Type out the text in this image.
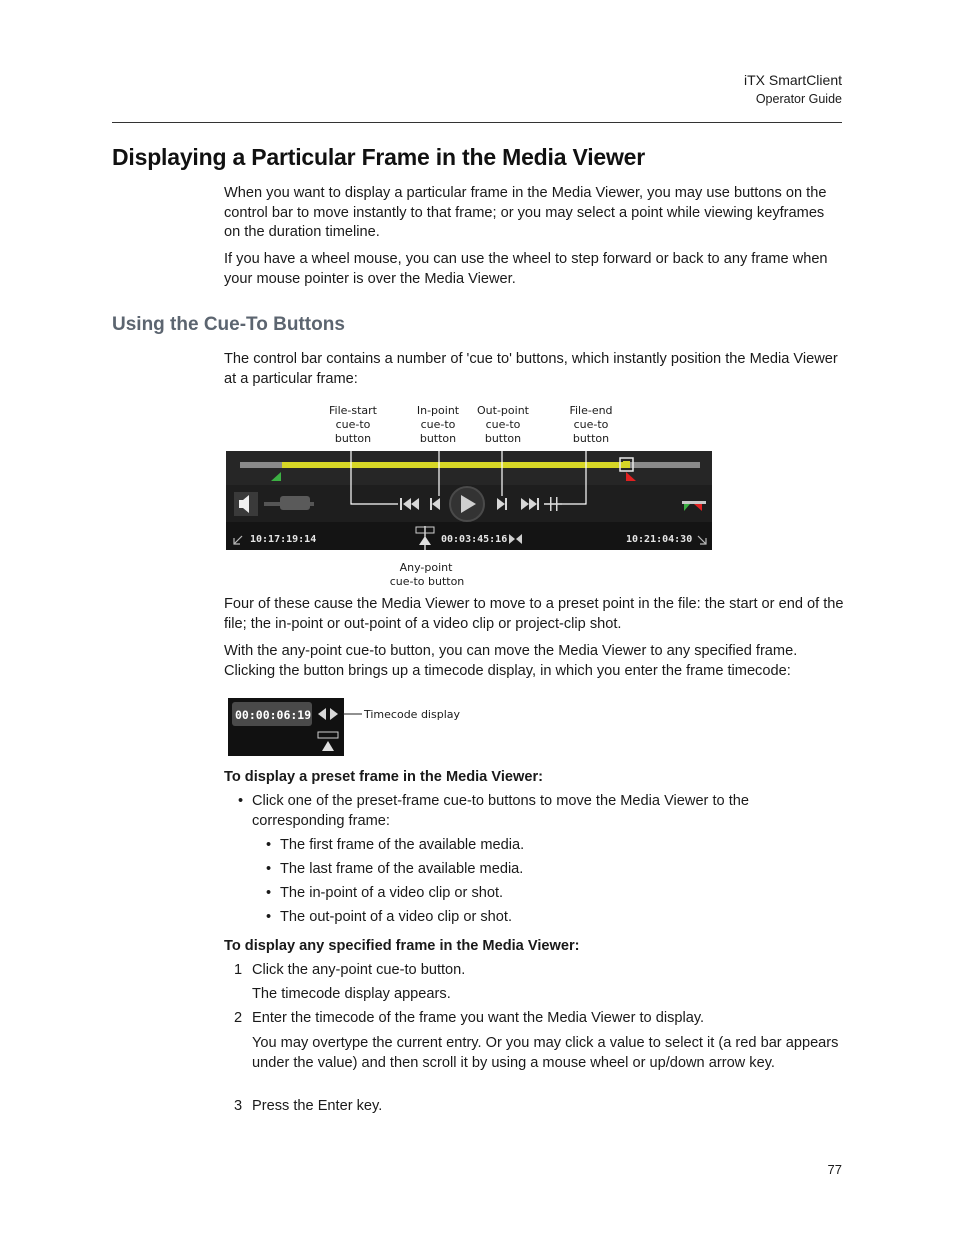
iTX SmartClient
Operator Guide
Displaying a Particular Frame in the Media Viewer

When you want to display a particular frame in the Media Viewer, you may use buttons on the control bar to move instantly to that frame; or you may select a point while viewing keyframes on the duration timeline.

If you have a wheel mouse, you can use the wheel to step forward or back to any frame when your mouse pointer is over the Media Viewer.

Using the Cue-To Buttons

The control bar contains a number of 'cue to' buttons, which instantly position the Media Viewer at a particular frame:

File-start
cue-to
button
In-point
cue-to
button
Out-point
cue-to
button
File-end
cue-to
button
Any-point
cue-to button
10:17:19:14	00:03:45:16	10:21:04:30

Four of these cause the Media Viewer to move to a preset point in the file: the start or end of the file; the in-point or out-point of a video clip or project-clip shot.

With the any-point cue-to button, you can move the Media Viewer to any specified frame. Clicking the button brings up a timecode display, in which you enter the frame timecode:

00:00:06:19	Timecode display
To display a preset frame in the Media Viewer:
• Click one of the preset-frame cue-to buttons to move the Media Viewer to the corresponding frame:
• The first frame of the available media.
• The last frame of the available media.
• The in-point of a video clip or shot.
• The out-point of a video clip or shot.
To display any specified frame in the Media Viewer:
1 Click the any-point cue-to button.
The timecode display appears.
2 Enter the timecode of the frame you want the Media Viewer to display.
You may overtype the current entry. Or you may click a value to select it (a red bar appears under the value) and then scroll it by using a mouse wheel or up/down arrow key.
3 Press the Enter key.
77
